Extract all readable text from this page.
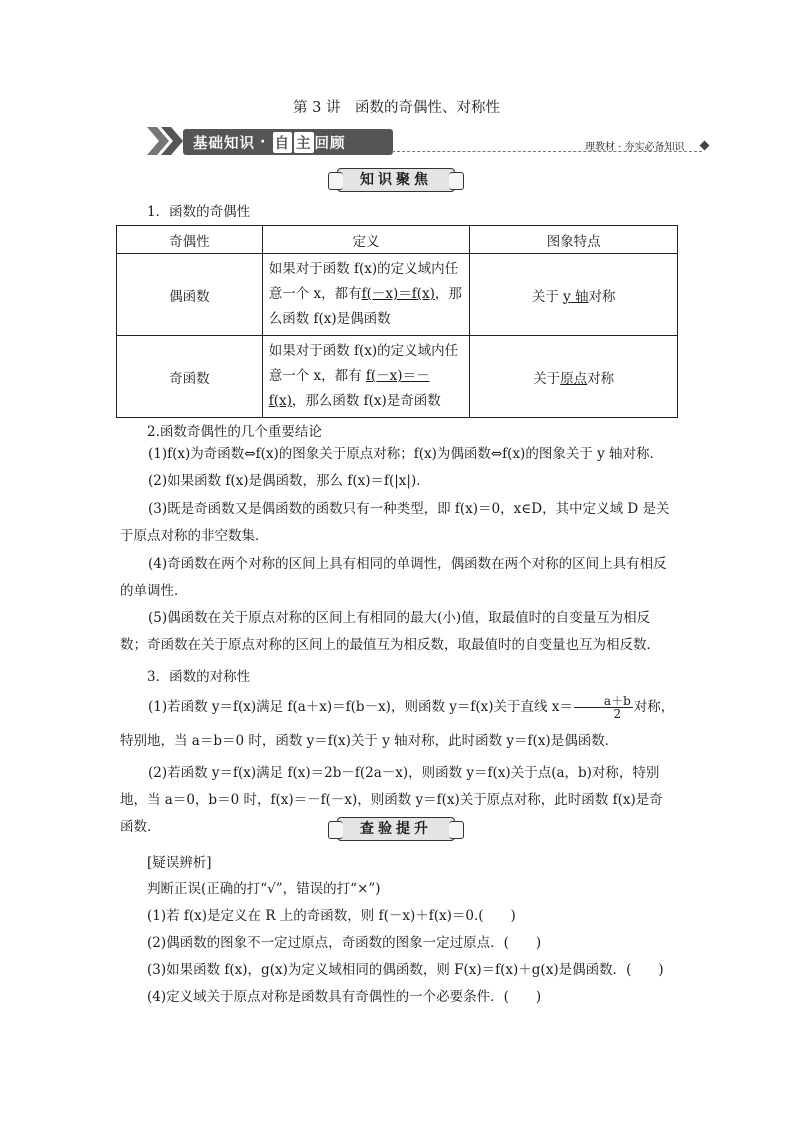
第 3 讲　函数的奇偶性、对称性
基础知识 · 自 主 回顾	理教材 · 夯实必备知识
知识聚焦
1．函数的奇偶性
奇偶性	定义	图象特点
偶函数	如果对于函数 f(x)的定义域内任意一个 x，都有f(－x)＝f(x)，那么函数 f(x)是偶函数	关于 y 轴对称
奇函数	如果对于函数 f(x)的定义域内任意一个 x，都有 f(－x)＝－f(x)，那么函数 f(x)是奇函数	关于原点对称
2.函数奇偶性的几个重要结论
(1)f(x)为奇函数⇔f(x)的图象关于原点对称；f(x)为偶函数⇔f(x)的图象关于 y 轴对称．
(2)如果函数 f(x)是偶函数，那么 f(x)＝f(|x|)．
(3)既是奇函数又是偶函数的函数只有一种类型，即 f(x)＝0，x∈D，其中定义域 D 是关于原点对称的非空数集．
(4)奇函数在两个对称的区间上具有相同的单调性，偶函数在两个对称的区间上具有相反的单调性．
(5)偶函数在关于原点对称的区间上有相同的最大(小)值，取最值时的自变量互为相反数；奇函数在关于原点对称的区间上的最值互为相反数，取最值时的自变量也互为相反数．
3．函数的对称性
(1)若函数 y＝f(x)满足 f(a＋x)＝f(b－x)，则函数 y＝f(x)关于直线 $x= \frac{a+b}{2}$ 对称，特别地，当 a＝b＝0 时，函数 y＝f(x)关于 y 轴对称，此时函数 y＝f(x)是偶函数．
(2)若函数 y＝f(x)满足 f(x)＝2b－f(2a－x)，则函数 y＝f(x)关于点(a，b)对称，特别地，当 a＝0，b＝0 时，f(x)＝－f(－x)，则函数 y＝f(x)关于原点对称，此时函数 f(x)是奇函数．	查验提升
[疑误辨析]
判断正误(正确的打“√”，错误的打“×”)
(1)若 f(x)是定义在 R 上的奇函数，则 f(－x)＋f(x)＝0.(　　)
(2)偶函数的图象不一定过原点，奇函数的图象一定过原点．(　　)
(3)如果函数 f(x)，g(x)为定义域相同的偶函数，则 F(x)＝f(x)＋g(x)是偶函数．(　　)
(4)定义域关于原点对称是函数具有奇偶性的一个必要条件．(　　)
